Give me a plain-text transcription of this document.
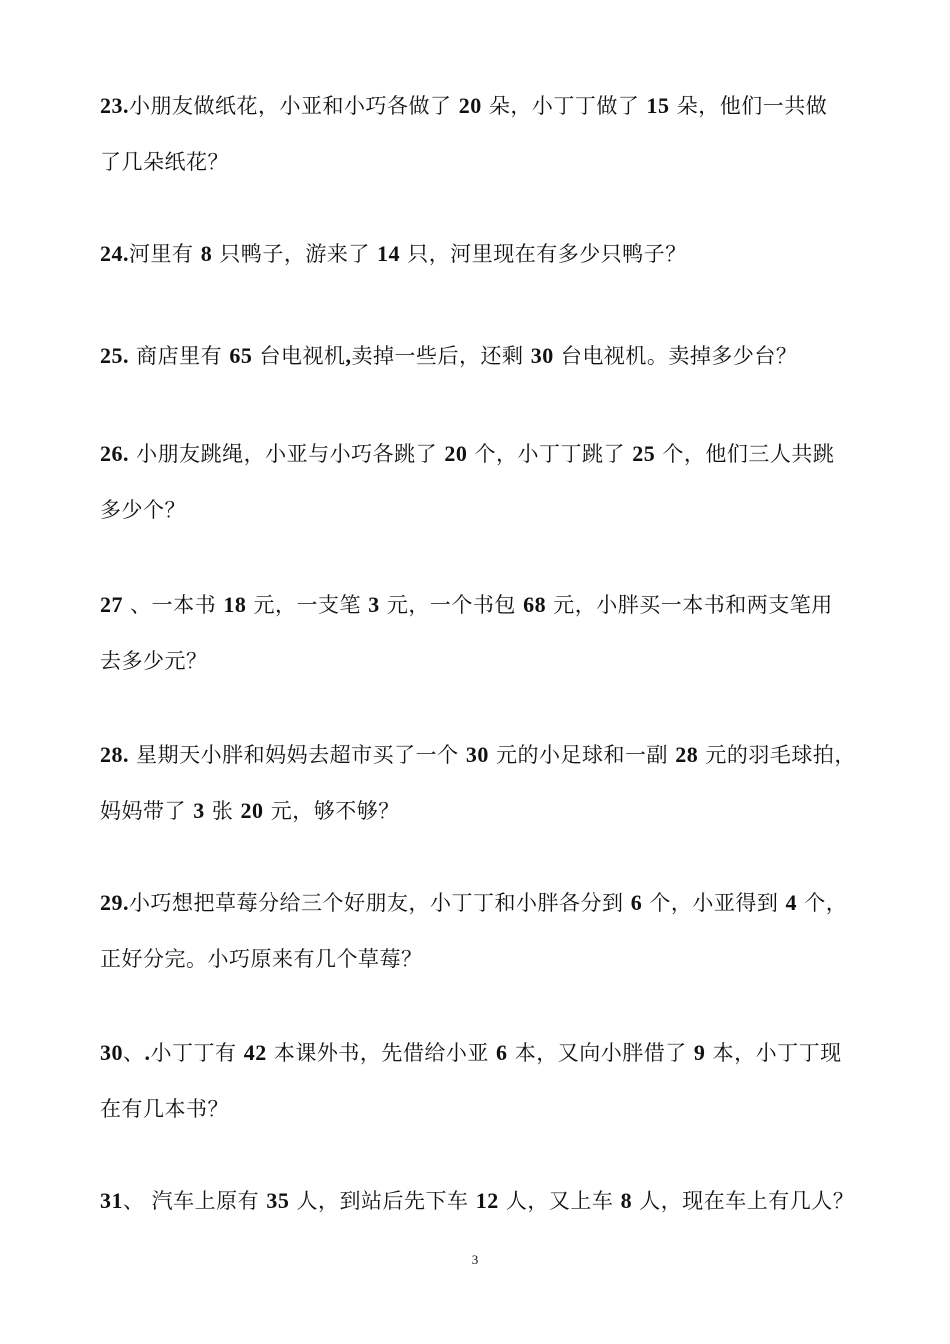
23.小朋友做纸花，小亚和小巧各做了 20 朵，小丁丁做了 15 朵，他们一共做
了几朵纸花？
24.河里有 8 只鸭子，游来了 14 只，河里现在有多少只鸭子？
25. 商店里有 65 台电视机,卖掉一些后，还剩 30 台电视机。卖掉多少台？
26. 小朋友跳绳，小亚与小巧各跳了 20 个，小丁丁跳了 25 个，他们三人共跳
多少个？
27 、一本书 18 元，一支笔 3 元，一个书包 68 元，小胖买一本书和两支笔用
去多少元？
28. 星期天小胖和妈妈去超市买了一个 30 元的小足球和一副 28 元的羽毛球拍，
妈妈带了 3 张 20 元，够不够？
29.小巧想把草莓分给三个好朋友，小丁丁和小胖各分到 6 个，小亚得到 4 个，
正好分完。小巧原来有几个草莓？
30、.小丁丁有 42 本课外书，先借给小亚 6 本，又向小胖借了 9 本，小丁丁现
在有几本书？
31、 汽车上原有 35 人，到站后先下车 12 人，又上车 8 人，现在车上有几人？
3
